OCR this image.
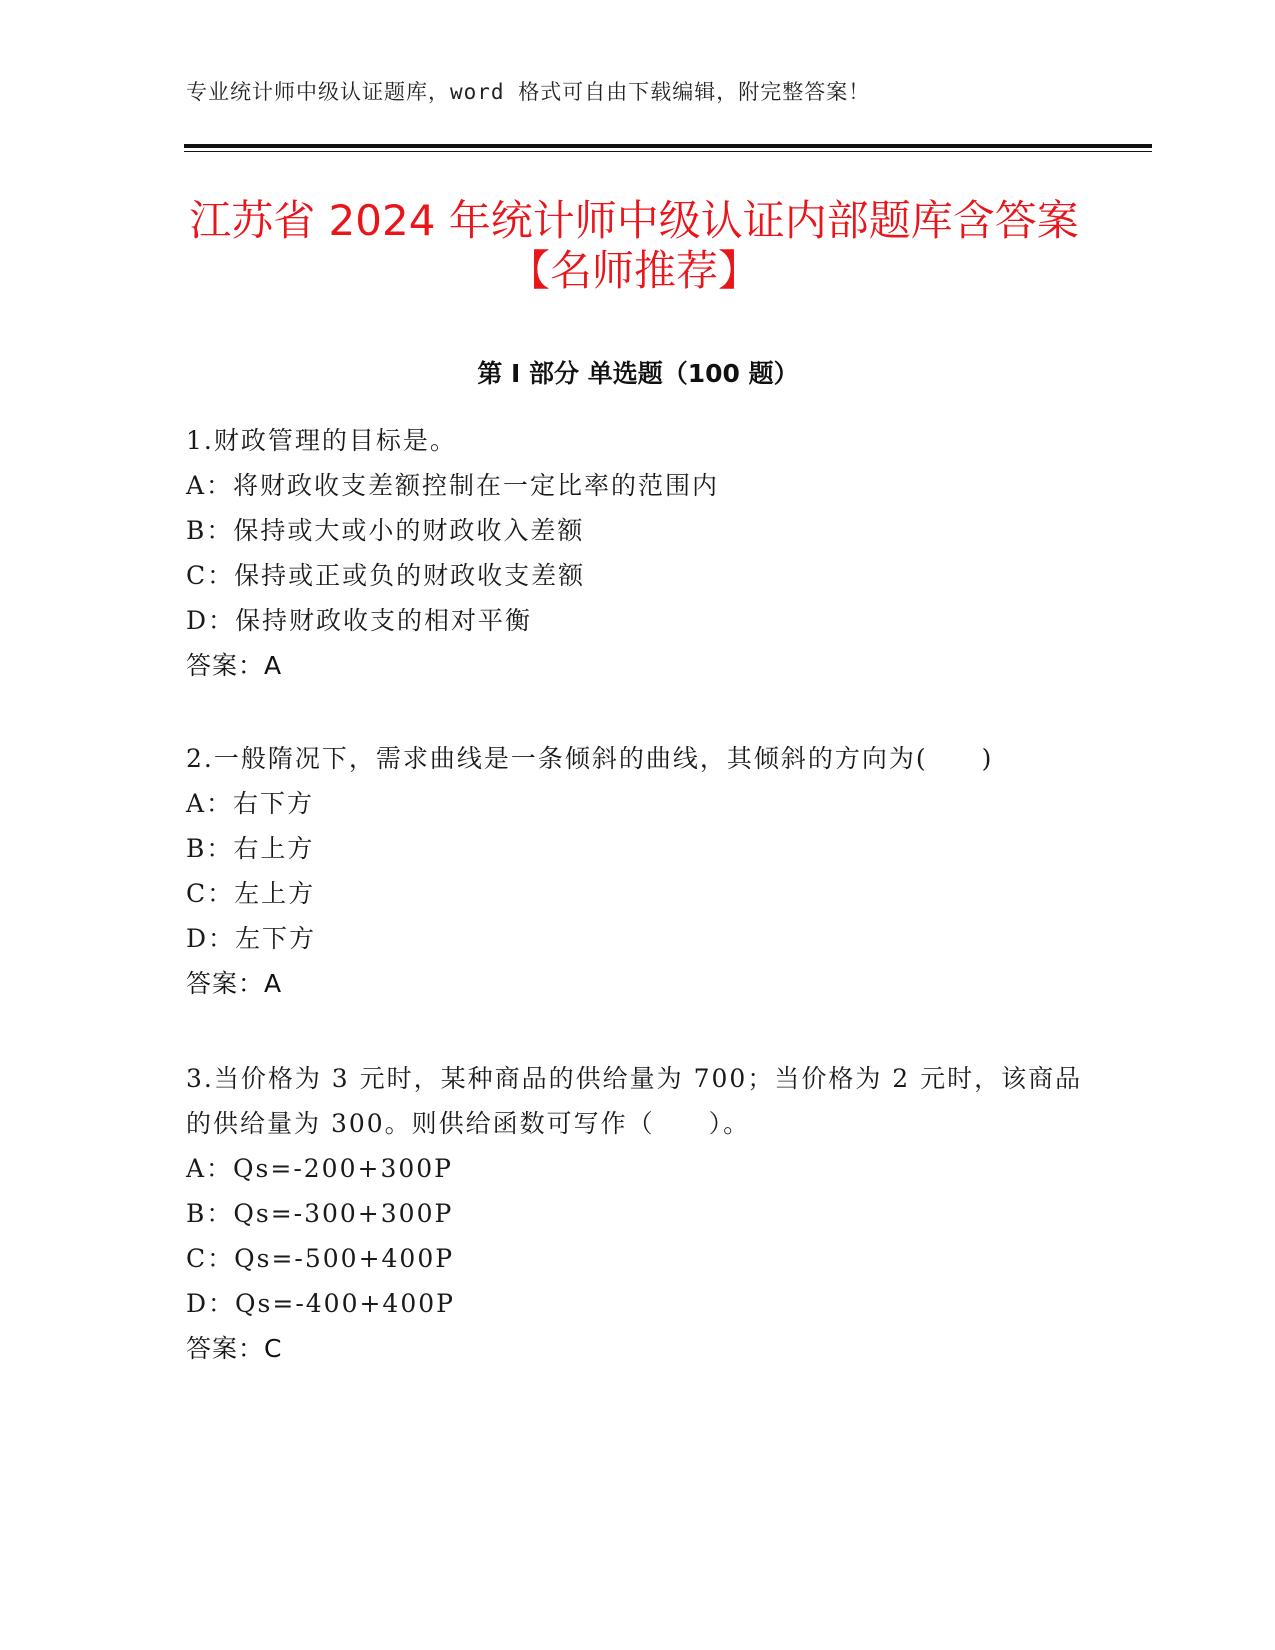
专业统计师中级认证题库，word 格式可自由下载编辑，附完整答案！
江苏省 2024 年统计师中级认证内部题库含答案【名师推荐】
第 I 部分 单选题（100 题）

1.财政管理的目标是。

A：将财政收支差额控制在一定比率的范围内

B：保持或大或小的财政收入差额

C：保持或正或负的财政收支差额

D：保持财政收支的相对平衡

答案：A

2.一般隋况下，需求曲线是一条倾斜的曲线，其倾斜的方向为(　　)

A：右下方

B：右上方

C：左上方

D：左下方

答案：A

3.当价格为 3 元时，某种商品的供给量为 700；当价格为 2 元时，该商品的供给量为 300。则供给函数可写作（　　）。

A：Qs=-200+300P

B：Qs=-300+300P

C：Qs=-500+400P

D：Qs=-400+400P

答案：C
